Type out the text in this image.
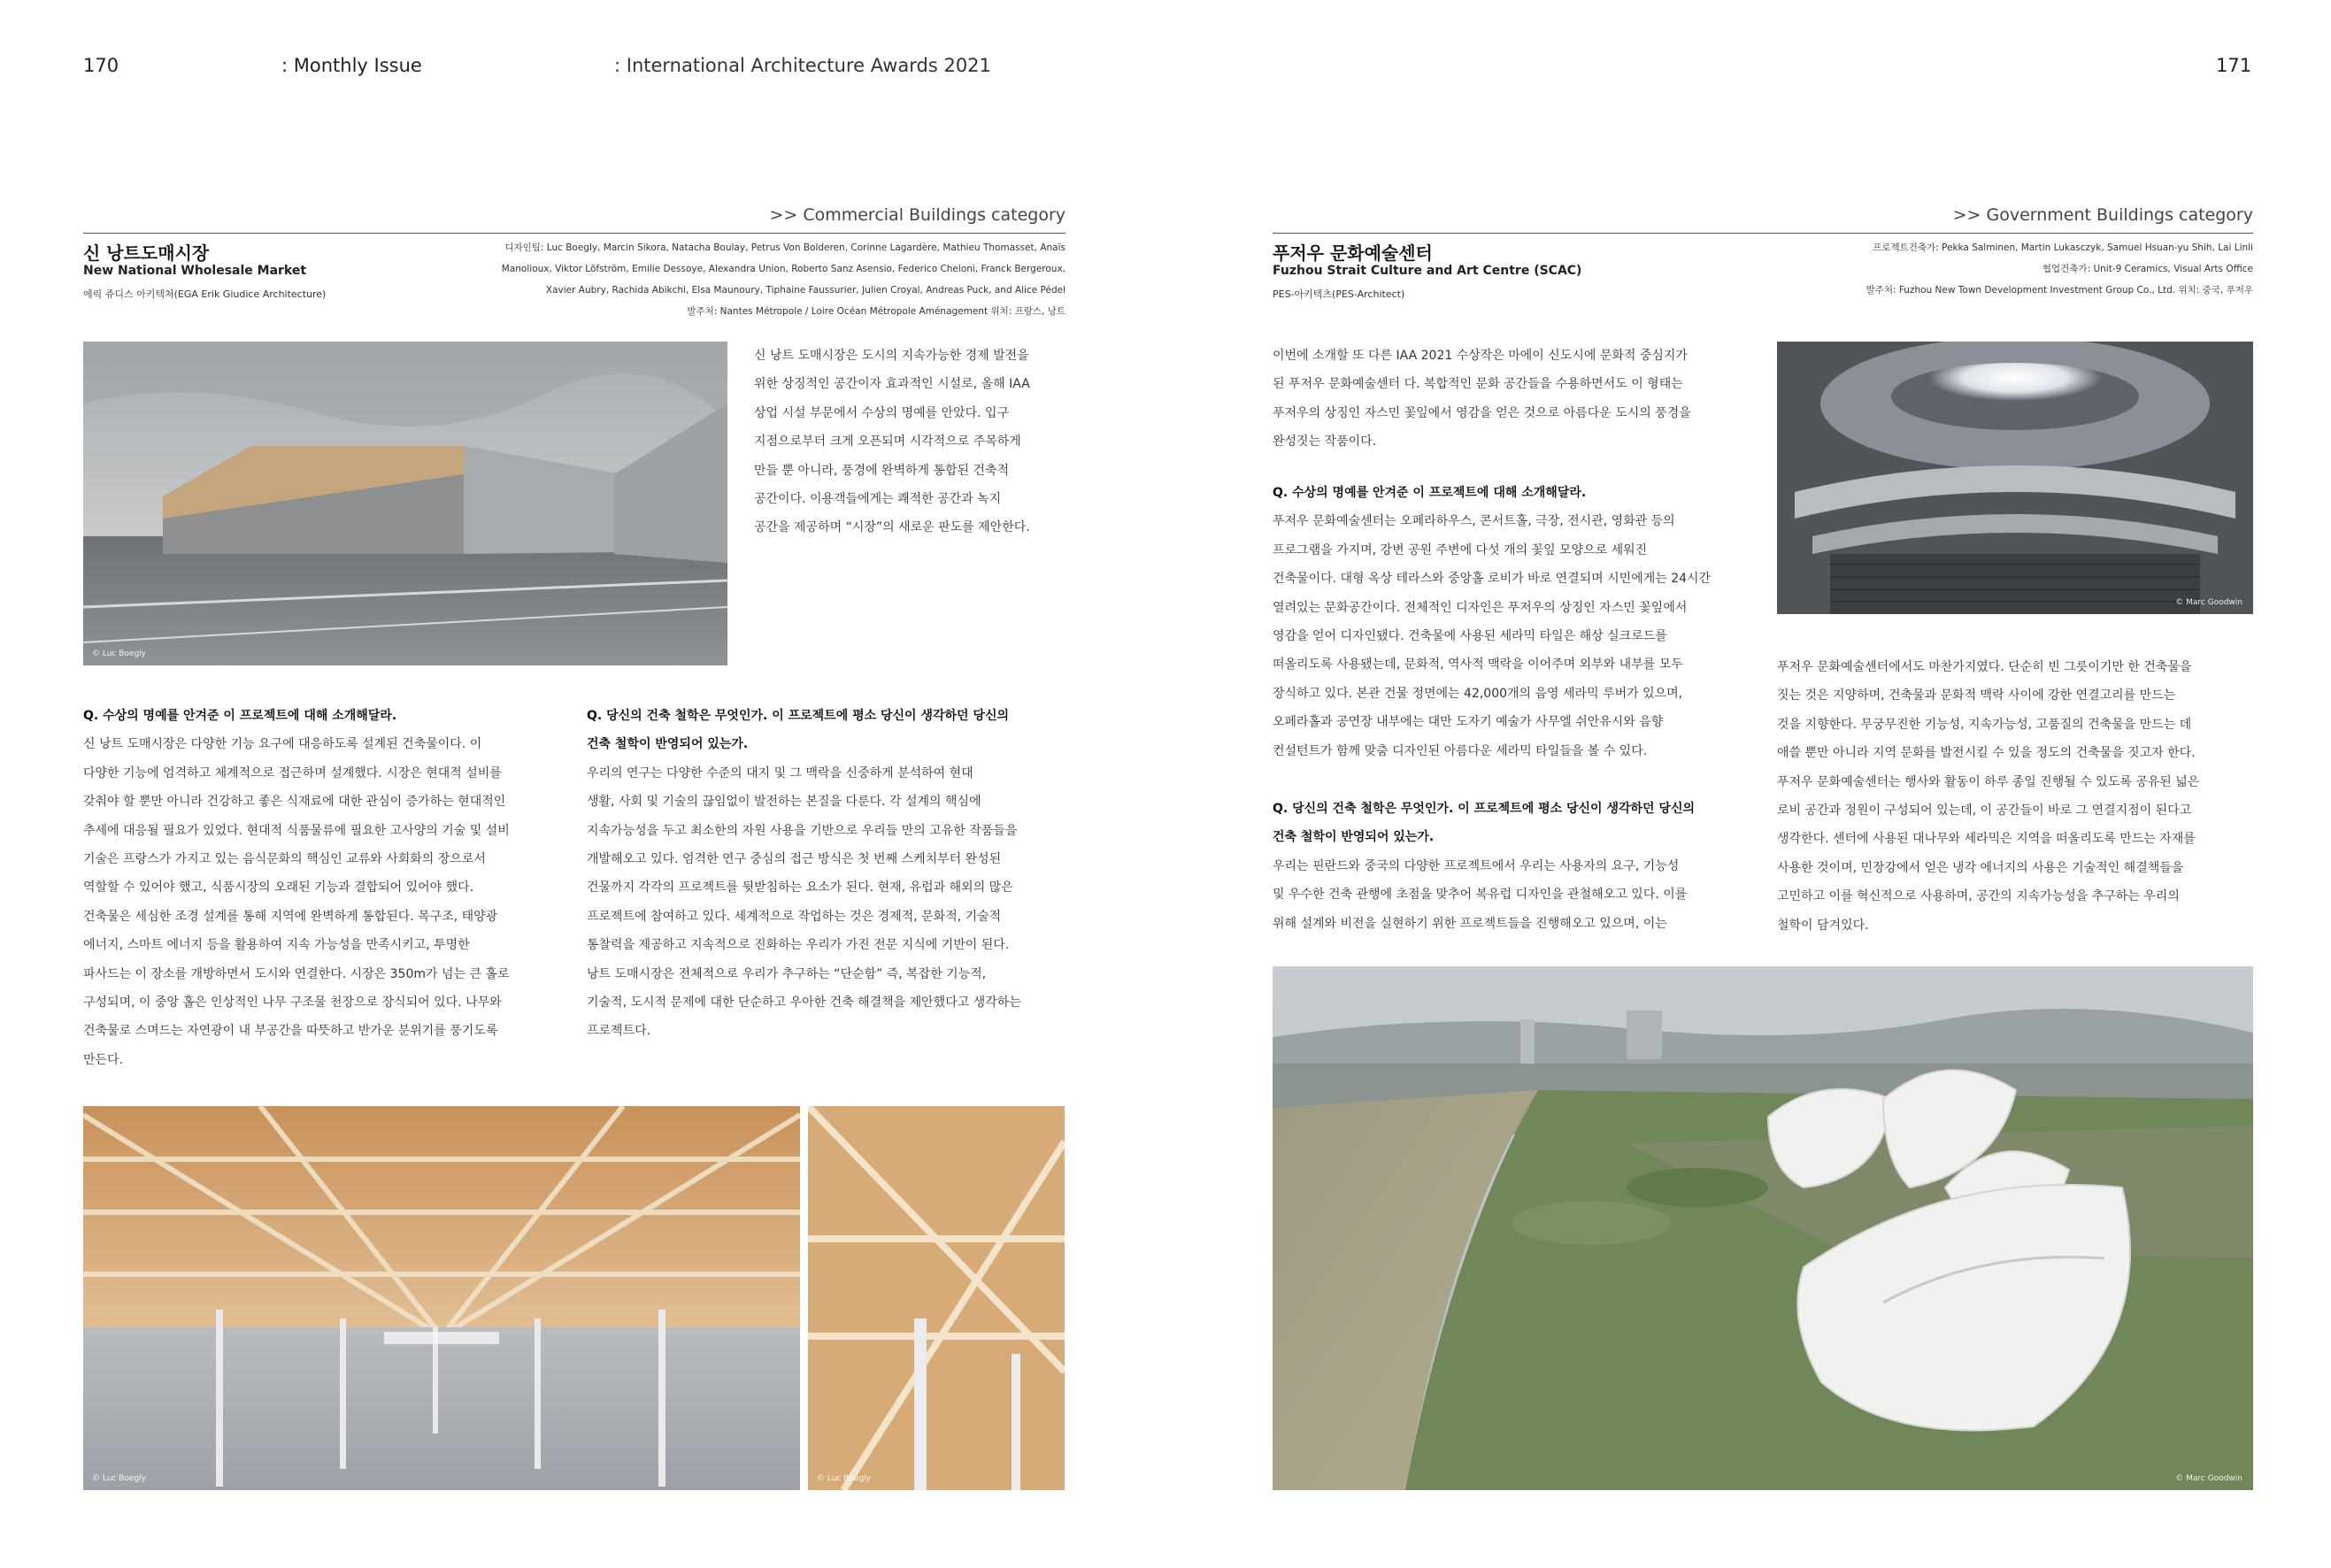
170	: Monthly Issue	: International Architecture Awards 2021	171
>> Commercial Buildings category
신 낭트도매시장
New National Wholesale Market
에릭 쥬디스 아키텍처(EGA Erik Giudice Architecture)
디자인팀: Luc Boegly, Marcin Sikora, Natacha Boulay, Petrus Von Bolderen, Corinne Lagardère, Mathieu Thomasset, Anaïs
Manolioux, Viktor Löfström, Emilie Dessoye, Alexandra Union, Roberto Sanz Asensio, Federico Cheloni, Franck Bergeroux,
Xavier Aubry, Rachida Abikchi, Elsa Maunoury, Tiphaine Faussurier, Julien Croyal, Andreas Puck, and Alice Pédel
발주처: Nantes Métropole / Loire Océan Métropole Aménagement 위치: 프랑스, 낭트
© Luc Boegly
신 낭트 도매시장은 도시의 지속가능한 경제 발전을
위한 상징적인 공간이자 효과적인 시설로, 올해 IAA
상업 시설 부문에서 수상의 명예를 안았다. 입구
지점으로부터 크게 오픈되며 시각적으로 주목하게
만들 뿐 아니라, 풍경에 완벽하게 통합된 건축적
공간이다. 이용객들에게는 쾌적한 공간과 녹지
공간을 제공하며 “시장”의 새로운 판도를 제안한다.
Q. 수상의 명예를 안겨준 이 프로젝트에 대해 소개해달라.
신 낭트 도매시장은 다양한 기능 요구에 대응하도록 설계된 건축물이다. 이
다양한 기능에 엄격하고 체계적으로 접근하며 설계했다. 시장은 현대적 설비를
갖춰야 할 뿐만 아니라 건강하고 좋은 식재료에 대한 관심이 증가하는 현대적인
추세에 대응될 필요가 있었다. 현대적 식품물류에 필요한 고사양의 기술 및 설비
기술은 프랑스가 가지고 있는 음식문화의 핵심인 교류와 사회화의 장으로서
역할할 수 있어야 했고, 식품시장의 오래된 기능과 결합되어 있어야 했다.
건축물은 세심한 조경 설계를 통해 지역에 완벽하게 통합된다. 목구조, 태양광
에너지, 스마트 에너지 등을 활용하여 지속 가능성을 만족시키고, 투명한
파사드는 이 장소를 개방하면서 도시와 연결한다. 시장은 350m가 넘는 큰 홀로
구성되며, 이 중앙 홀은 인상적인 나무 구조물 천장으로 장식되어 있다. 나무와
건축물로 스며드는 자연광이 내 부공간을 따뜻하고 반가운 분위기를 풍기도록
만든다.
Q. 당신의 건축 철학은 무엇인가. 이 프로젝트에 평소 당신이 생각하던 당신의
건축 철학이 반영되어 있는가.
우리의 연구는 다양한 수준의 대지 및 그 맥락을 신중하게 분석하여 현대
생활, 사회 및 기술의 끊임없이 발전하는 본질을 다룬다. 각 설계의 핵심에
지속가능성을 두고 최소한의 자원 사용을 기반으로 우리들 만의 고유한 작품들을
개발해오고 있다. 엄격한 연구 중심의 접근 방식은 첫 번째 스케치부터 완성된
건물까지 각각의 프로젝트를 뒷받침하는 요소가 된다. 현재, 유럽과 해외의 많은
프로젝트에 참여하고 있다. 세계적으로 작업하는 것은 경제적, 문화적, 기술적
통찰력을 제공하고 지속적으로 진화하는 우리가 가진 전문 지식에 기반이 된다.
낭트 도매시장은 전체적으로 우리가 추구하는 “단순함” 즉, 복잡한 기능적,
기술적, 도시적 문제에 대한 단순하고 우아한 건축 해결책을 제안했다고 생각하는
프로젝트다.
© Luc Boegly	© Luc Boegly
>> Government Buildings category
푸저우 문화예술센터
Fuzhou Strait Culture and Art Centre (SCAC)
PES-아키텍츠(PES-Architect)
프로젝트건축가: Pekka Salminen, Martin Lukasczyk, Samuel Hsuan-yu Shih, Lai Linli
협업건축가: Unit-9 Ceramics, Visual Arts Office
발주처: Fuzhou New Town Development Investment Group Co., Ltd. 위치: 중국, 푸저우
이번에 소개할 또 다른 IAA 2021 수상작은 마에이 신도시에 문화적 중심지가
된 푸저우 문화예술센터 다. 복합적인 문화 공간들을 수용하면서도 이 형태는
푸저우의 상징인 자스민 꽃잎에서 영감을 얻은 것으로 아름다운 도시의 풍경을
완성짓는 작품이다.
Q. 수상의 명예를 안겨준 이 프로젝트에 대해 소개해달라.
푸저우 문화예술센터는 오페라하우스, 콘서트홀, 극장, 전시관, 영화관 등의
프로그램을 가지며, 강변 공원 주변에 다섯 개의 꽃잎 모양으로 세워진
건축물이다. 대형 옥상 테라스와 중앙홀 로비가 바로 연결되며 시민에게는 24시간
열려있는 문화공간이다. 전체적인 디자인은 푸저우의 상징인 자스민 꽃잎에서
영감을 얻어 디자인됐다. 건축물에 사용된 세라믹 타일은 해상 실크로드를
떠올리도록 사용됐는데, 문화적, 역사적 맥락을 이어주며 외부와 내부를 모두
장식하고 있다. 본관 건물 정면에는 42,000개의 음영 세라믹 루버가 있으며,
오페라홀과 공연장 내부에는 대만 도자기 예술가 사무엘 쉬안유시와 음향
컨설턴트가 함께 맞춤 디자인된 아름다운 세라믹 타일들을 볼 수 있다.
Q. 당신의 건축 철학은 무엇인가. 이 프로젝트에 평소 당신이 생각하던 당신의
건축 철학이 반영되어 있는가.
우리는 핀란드와 중국의 다양한 프로젝트에서 우리는 사용자의 요구, 기능성
및 우수한 건축 관행에 초점을 맞추어 복유럽 디자인을 관철해오고 있다. 이를
위해 설계와 비전을 실현하기 위한 프로젝트들을 진행해오고 있으며, 이는
© Marc Goodwin
푸저우 문화예술센터에서도 마찬가지였다. 단순히 빈 그릇이기만 한 건축물을
짓는 것은 지양하며, 건축물과 문화적 맥락 사이에 강한 연결고리를 만드는
것을 지향한다. 무궁무진한 기능성, 지속가능성, 고품질의 건축물을 만드는 데
애쓸 뿐만 아니라 지역 문화를 발전시킬 수 있을 정도의 건축물을 짓고자 한다.
푸저우 문화예술센터는 행사와 활동이 하루 종일 진행될 수 있도록 공유된 넓은
로비 공간과 정원이 구성되어 있는데, 이 공간들이 바로 그 연결지점이 된다고
생각한다. 센터에 사용된 대나무와 세라믹은 지역을 떠올리도록 만드는 자재를
사용한 것이며, 민장강에서 얻은 냉각 에너지의 사용은 기술적인 해결책들을
고민하고 이를 혁신적으로 사용하며, 공간의 지속가능성을 추구하는 우리의
철학이 담겨있다.
© Marc Goodwin
